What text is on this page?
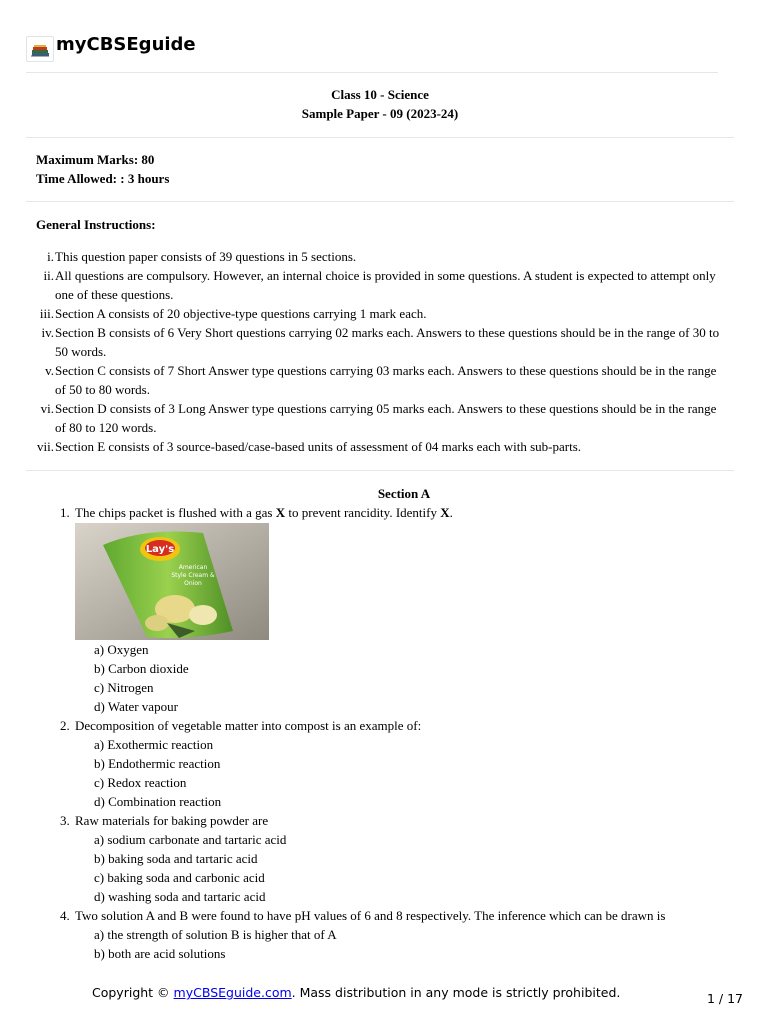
myCBSEguide
Class 10 - Science
Sample Paper - 09 (2023-24)
Maximum Marks: 80
Time Allowed: : 3 hours
General Instructions:
i. This question paper consists of 39 questions in 5 sections.
ii. All questions are compulsory. However, an internal choice is provided in some questions. A student is expected to attempt only one of these questions.
iii. Section A consists of 20 objective-type questions carrying 1 mark each.
iv. Section B consists of 6 Very Short questions carrying 02 marks each. Answers to these questions should be in the range of 30 to 50 words.
v. Section C consists of 7 Short Answer type questions carrying 03 marks each. Answers to these questions should be in the range of 50 to 80 words.
vi. Section D consists of 3 Long Answer type questions carrying 05 marks each. Answers to these questions should be in the range of 80 to 120 words.
vii. Section E consists of 3 source-based/case-based units of assessment of 04 marks each with sub-parts.
Section A
1. The chips packet is flushed with a gas X to prevent rancidity. Identify X.
Lay's
American
Style Cream &
Onion
a) Oxygen
b) Carbon dioxide
c) Nitrogen
d) Water vapour
2. Decomposition of vegetable matter into compost is an example of:
a) Exothermic reaction
b) Endothermic reaction
c) Redox reaction
d) Combination reaction
3. Raw materials for baking powder are
a) sodium carbonate and tartaric acid
b) baking soda and tartaric acid
c) baking soda and carbonic acid
d) washing soda and tartaric acid
4. Two solution A and B were found to have pH values of 6 and 8 respectively. The inference which can be drawn is
a) the strength of solution B is higher that of A
b) both are acid solutions
Copyright © myCBSEguide.com. Mass distribution in any mode is strictly prohibited.	1 / 17
